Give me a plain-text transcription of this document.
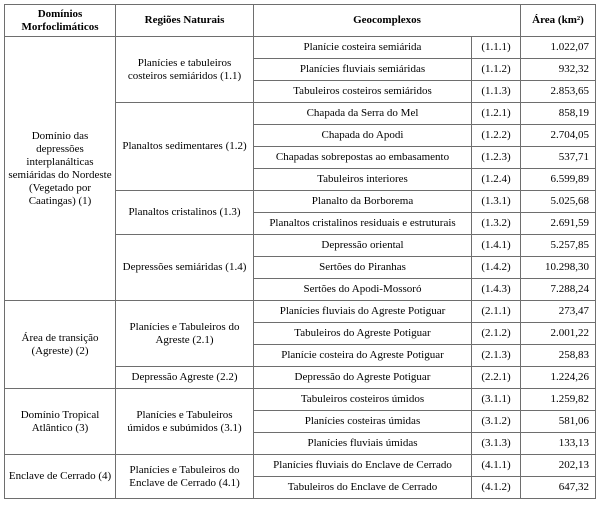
Domínios Morfoclimáticos	Regiões Naturais	Geocomplexos		Área (km²)
Domínio das depressões interplanálticas semiáridas do Nordeste (Vegetado por Caatingas) (1)	Planícies e tabuleiros costeiros semiáridos (1.1)	Planície costeira semiárida	(1.1.1)	1.022,07
		Planícies fluviais semiáridas	(1.1.2)	932,32
		Tabuleiros costeiros semiáridos	(1.1.3)	2.853,65
	Planaltos sedimentares (1.2)	Chapada da Serra do Mel	(1.2.1)	858,19
		Chapada do Apodi	(1.2.2)	2.704,05
		Chapadas sobrepostas ao embasamento	(1.2.3)	537,71
		Tabuleiros interiores	(1.2.4)	6.599,89
	Planaltos cristalinos (1.3)	Planalto da Borborema	(1.3.1)	5.025,68
		Planaltos cristalinos residuais e estruturais	(1.3.2)	2.691,59
	Depressões semiáridas (1.4)	Depressão oriental	(1.4.1)	5.257,85
		Sertões do Piranhas	(1.4.2)	10.298,30
		Sertões do Apodi-Mossoró	(1.4.3)	7.288,24
Área de transição (Agreste) (2)	Planícies e Tabuleiros do Agreste (2.1)	Planícies fluviais do Agreste Potiguar	(2.1.1)	273,47
		Tabuleiros do Agreste Potiguar	(2.1.2)	2.001,22
		Planície costeira do Agreste Potiguar	(2.1.3)	258,83
	Depressão Agreste (2.2)	Depressão do Agreste Potiguar	(2.2.1)	1.224,26
Domínio Tropical Atlântico (3)	Planícies e Tabuleiros úmidos e subúmidos (3.1)	Tabuleiros costeiros úmidos	(3.1.1)	1.259,82
		Planícies costeiras úmidas	(3.1.2)	581,06
		Planícies fluviais úmidas	(3.1.3)	133,13
Enclave de Cerrado (4)	Planícies e Tabuleiros do Enclave de Cerrado (4.1)	Planícies fluviais do Enclave de Cerrado	(4.1.1)	202,13
		Tabuleiros do Enclave de Cerrado	(4.1.2)	647,32
